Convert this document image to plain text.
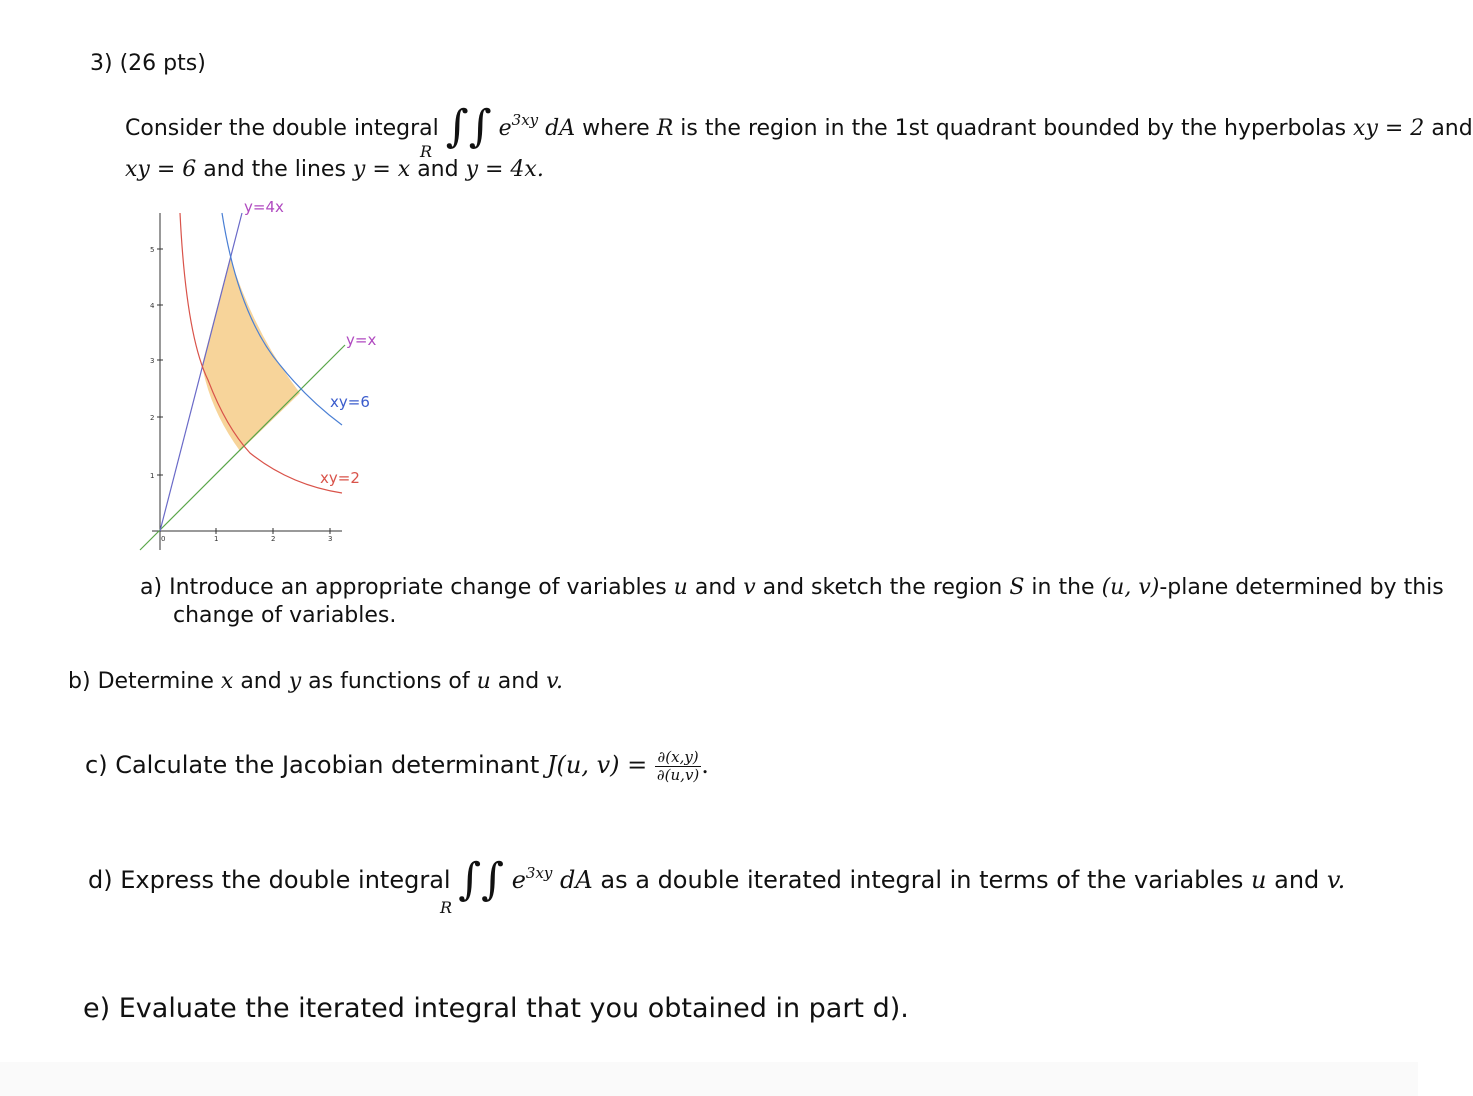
3) (26 pts)
Consider the double integral ∫∫ $e^{3xy}$ dA where R is the region in the 1st quadrant bounded by the hyperbolas xy = 2 and
R
xy = 6 and the lines y = x and y = 4x.
5
4
3
2
1
0	1	2	3
y=4x
y=x
xy=6
xy=2
a) Introduce an appropriate change of variables u and v and sketch the region S in the (u, v)-plane determined by this
change of variables.
b) Determine x and y as functions of u and v.
c) Calculate the Jacobian determinant J(u, $v) = \frac{\partial(x,y)}{\partial(u,v)}$ .
d) Express the double integral ∫∫ $e^{3xy}$ dA as a double iterated integral in terms of the variables u and v.
R
e) Evaluate the iterated integral that you obtained in part d).
